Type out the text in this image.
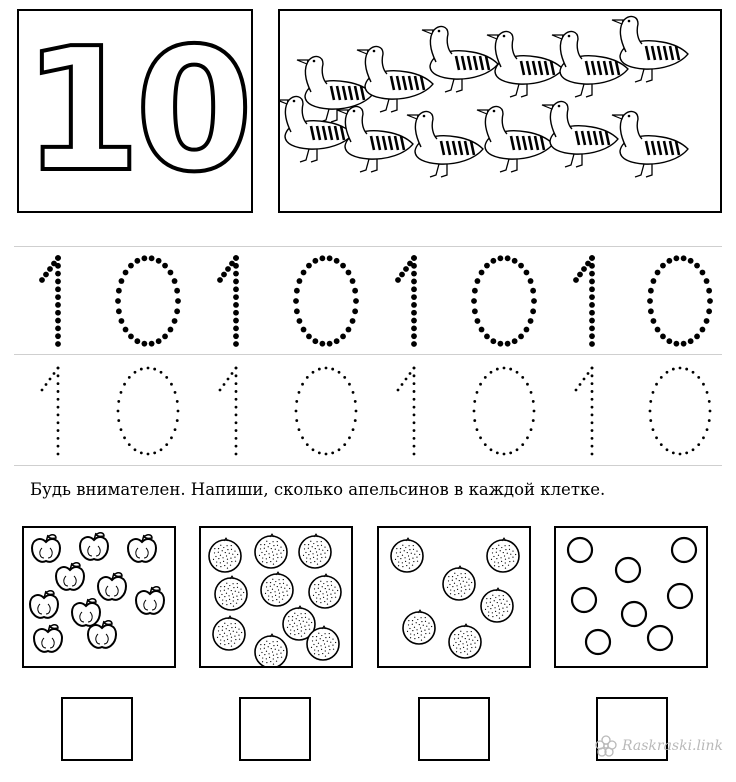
10
Будь внимателен. Напиши, сколько апельсинов в каждой клетке.
Raskraski.link
